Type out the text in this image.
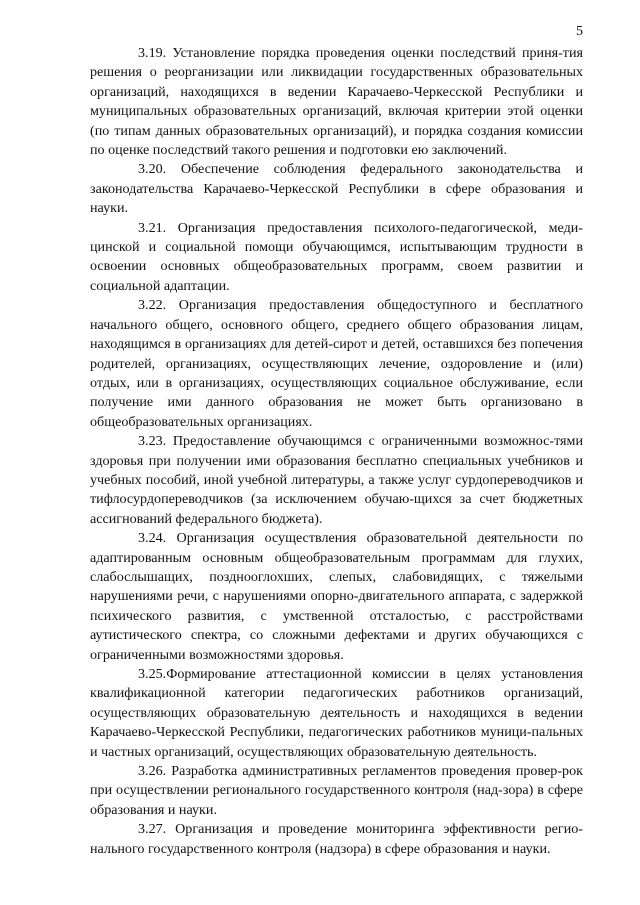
5

3.19. Установление порядка проведения оценки последствий приня-тия решения о реорганизации или ликвидации государственных образовательных организаций, находящихся в ведении Карачаево-Черкесской Республики и муниципальных образовательных организаций, включая критерии этой оценки (по типам данных образовательных организаций), и порядка создания комиссии по оценке последствий такого решения и подготовки ею заключений.

3.20. Обеспечение соблюдения федерального законодательства и законодательства Карачаево-Черкесской Республики в сфере образования и науки.

3.21. Организация предоставления психолого-педагогической, меди-цинской и социальной помощи обучающимся, испытывающим трудности в освоении основных общеобразовательных программ, своем развитии и социальной адаптации.

3.22. Организация предоставления общедоступного и бесплатного начального общего, основного общего, среднего общего образования лицам, находящимся в организациях для детей-сирот и детей, оставшихся без попечения родителей, организациях, осуществляющих лечение, оздоровление и (или) отдых, или в организациях, осуществляющих социальное обслуживание, если получение ими данного образования не может быть организовано в общеобразовательных организациях.

3.23. Предоставление обучающимся с ограниченными возможнос-тями здоровья при получении ими образования бесплатно специальных учебников и учебных пособий, иной учебной литературы, а также услуг сурдопереводчиков и тифлосурдопереводчиков (за исключением обучаю-щихся за счет бюджетных ассигнований федерального бюджета).

3.24. Организация осуществления образовательной деятельности по адаптированным основным общеобразовательным программам для глухих, слабослышащих, позднооглохших, слепых, слабовидящих, с тяжелыми нарушениями речи, с нарушениями опорно-двигательного аппарата, с задержкой психического развития, с умственной отсталостью, с расстройствами аутистического спектра, со сложными дефектами и других обучающихся с ограниченными возможностями здоровья.

3.25.Формирование аттестационной комиссии в целях установления квалификационной категории педагогических работников организаций, осуществляющих образовательную деятельность и находящихся в ведении Карачаево-Черкесской Республики, педагогических работников муници-пальных и частных организаций, осуществляющих образовательную деятельность.

3.26. Разработка административных регламентов проведения провер-рок при осуществлении регионального государственного контроля (над-зора) в сфере образования и науки.

3.27. Организация и проведение мониторинга эффективности регио-нального государственного контроля (надзора) в сфере образования и науки.
